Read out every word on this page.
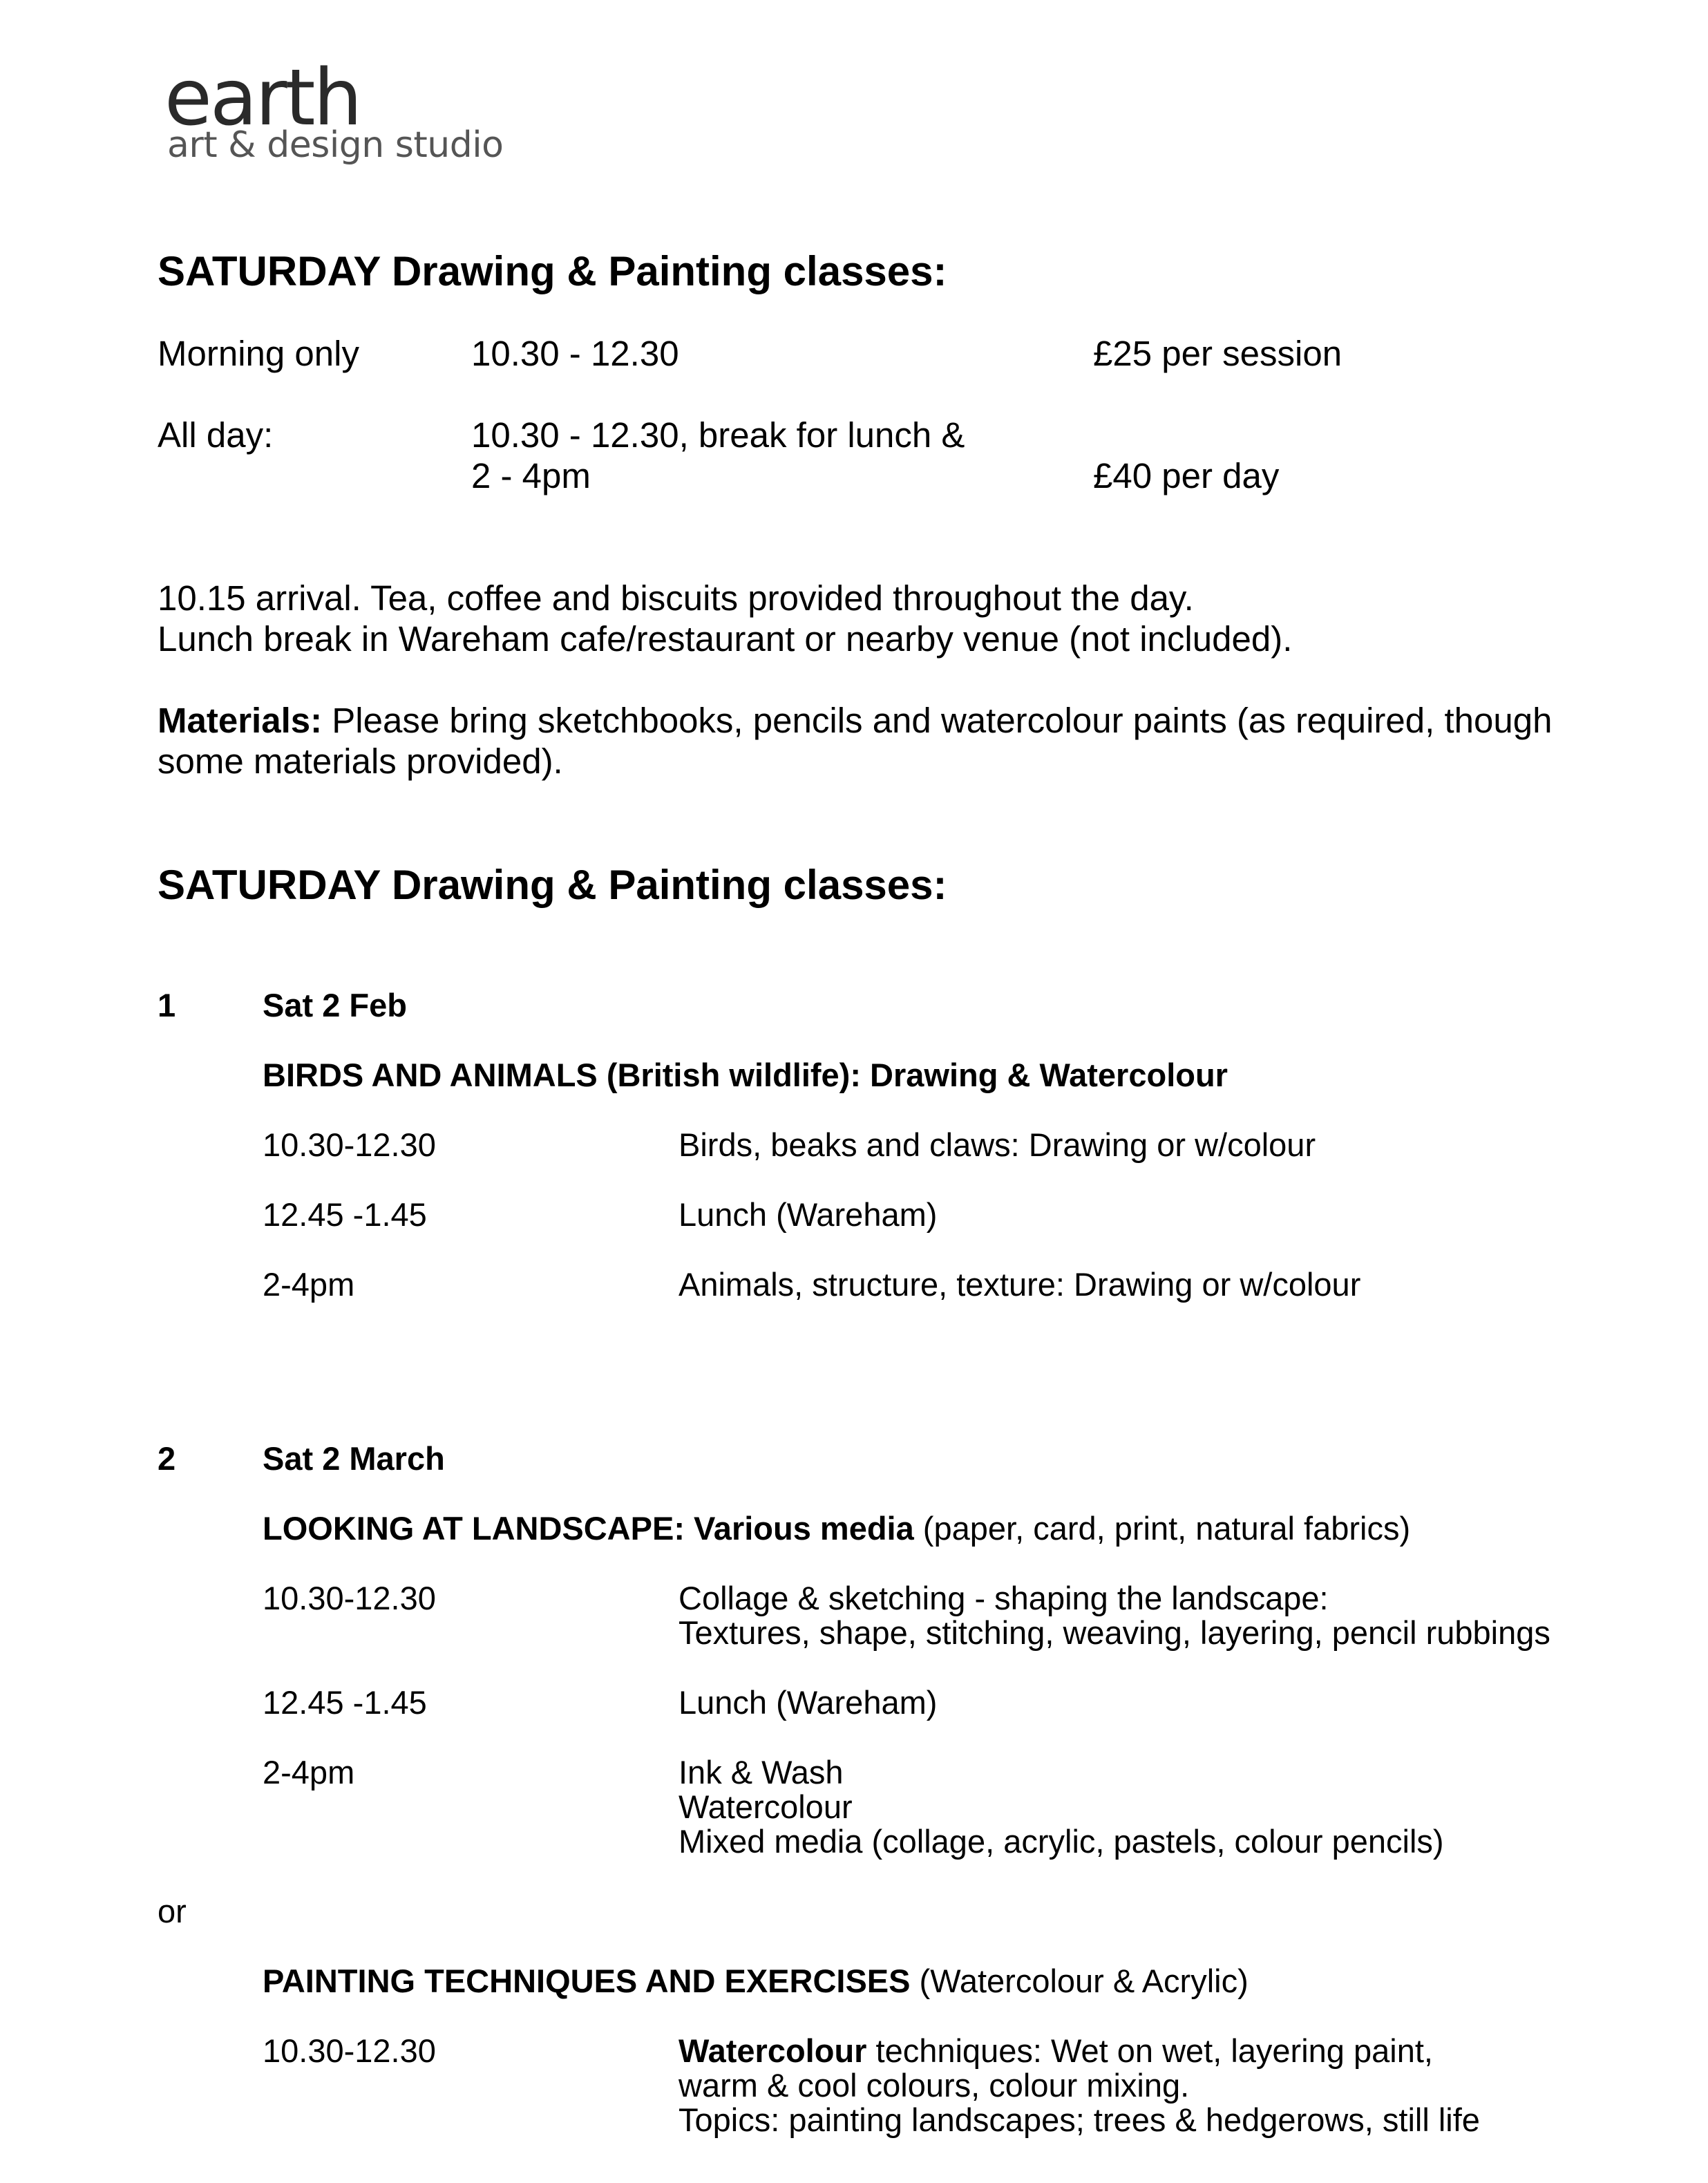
earth
art & design studio
SATURDAY Drawing & Painting classes:
Morning only	10.30 - 12.30	£25 per session
All day:	10.30 - 12.30, break for lunch &
2 - 4pm	£40 per day
10.15 arrival. Tea, coffee and biscuits provided throughout the day.
Lunch break in Wareham cafe/restaurant or nearby venue (not included).
Materials: Please bring sketchbooks, pencils and watercolour paints (as required, though
some materials provided).
SATURDAY Drawing & Painting classes:
1	Sat 2 Feb
BIRDS AND ANIMALS (British wildlife): Drawing & Watercolour
10.30-12.30	Birds, beaks and claws: Drawing or w/colour
12.45 -1.45	Lunch (Wareham)
2-4pm	Animals, structure, texture: Drawing or w/colour
2	Sat 2 March
LOOKING AT LANDSCAPE: Various media (paper, card, print, natural fabrics)
10.30-12.30	Collage & sketching - shaping the landscape:
Textures, shape, stitching, weaving, layering, pencil rubbings
12.45 -1.45	Lunch (Wareham)
2-4pm	Ink & Wash
Watercolour
Mixed media (collage, acrylic, pastels, colour pencils)
or
PAINTING TECHNIQUES AND EXERCISES (Watercolour & Acrylic)
10.30-12.30	Watercolour techniques: Wet on wet, layering paint,
warm & cool colours, colour mixing.
Topics: painting landscapes; trees & hedgerows, still life
